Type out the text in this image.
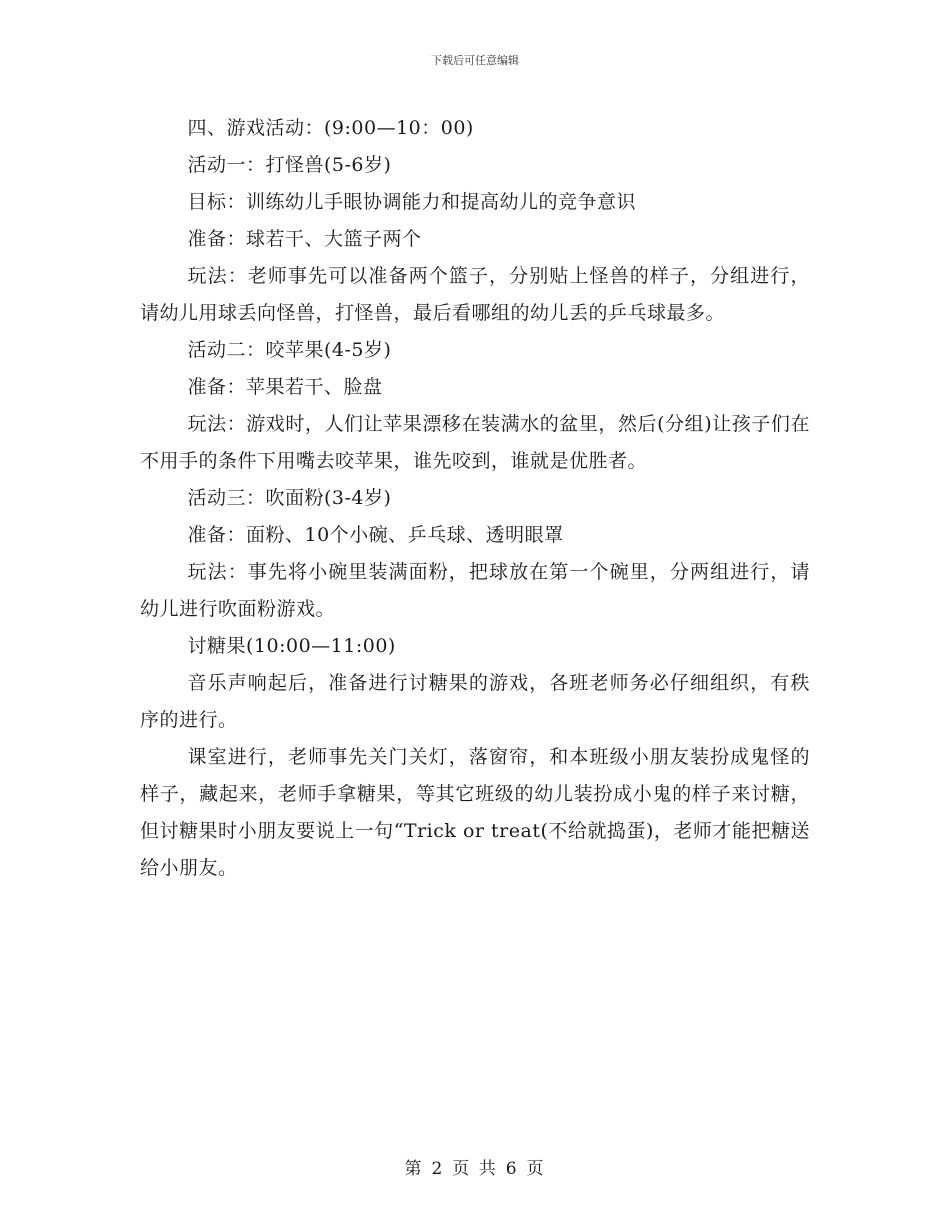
下载后可任意编辑

四、游戏活动：(9:00—10：00)

活动一：打怪兽(5-6岁)

目标：训练幼儿手眼协调能力和提高幼儿的竞争意识

准备：球若干、大篮子两个

玩法：老师事先可以准备两个篮子，分别贴上怪兽的样子，分组进行，请幼儿用球丢向怪兽，打怪兽，最后看哪组的幼儿丢的乒乓球最多。

活动二：咬苹果(4-5岁)

准备：苹果若干、脸盘

玩法：游戏时，人们让苹果漂移在装满水的盆里，然后(分组)让孩子们在不用手的条件下用嘴去咬苹果，谁先咬到，谁就是优胜者。

活动三：吹面粉(3-4岁)

准备：面粉、10个小碗、乒乓球、透明眼罩

玩法：事先将小碗里装满面粉，把球放在第一个碗里，分两组进行，请幼儿进行吹面粉游戏。

讨糖果(10:00—11:00)

音乐声响起后，准备进行讨糖果的游戏，各班老师务必仔细组织，有秩序的进行。

课室进行，老师事先关门关灯，落窗帘，和本班级小朋友装扮成鬼怪的样子，藏起来，老师手拿糖果，等其它班级的幼儿装扮成小鬼的样子来讨糖，但讨糖果时小朋友要说上一句“Trick or treat(不给就捣蛋)，老师才能把糖送给小朋友。

第 2 页 共 6 页
